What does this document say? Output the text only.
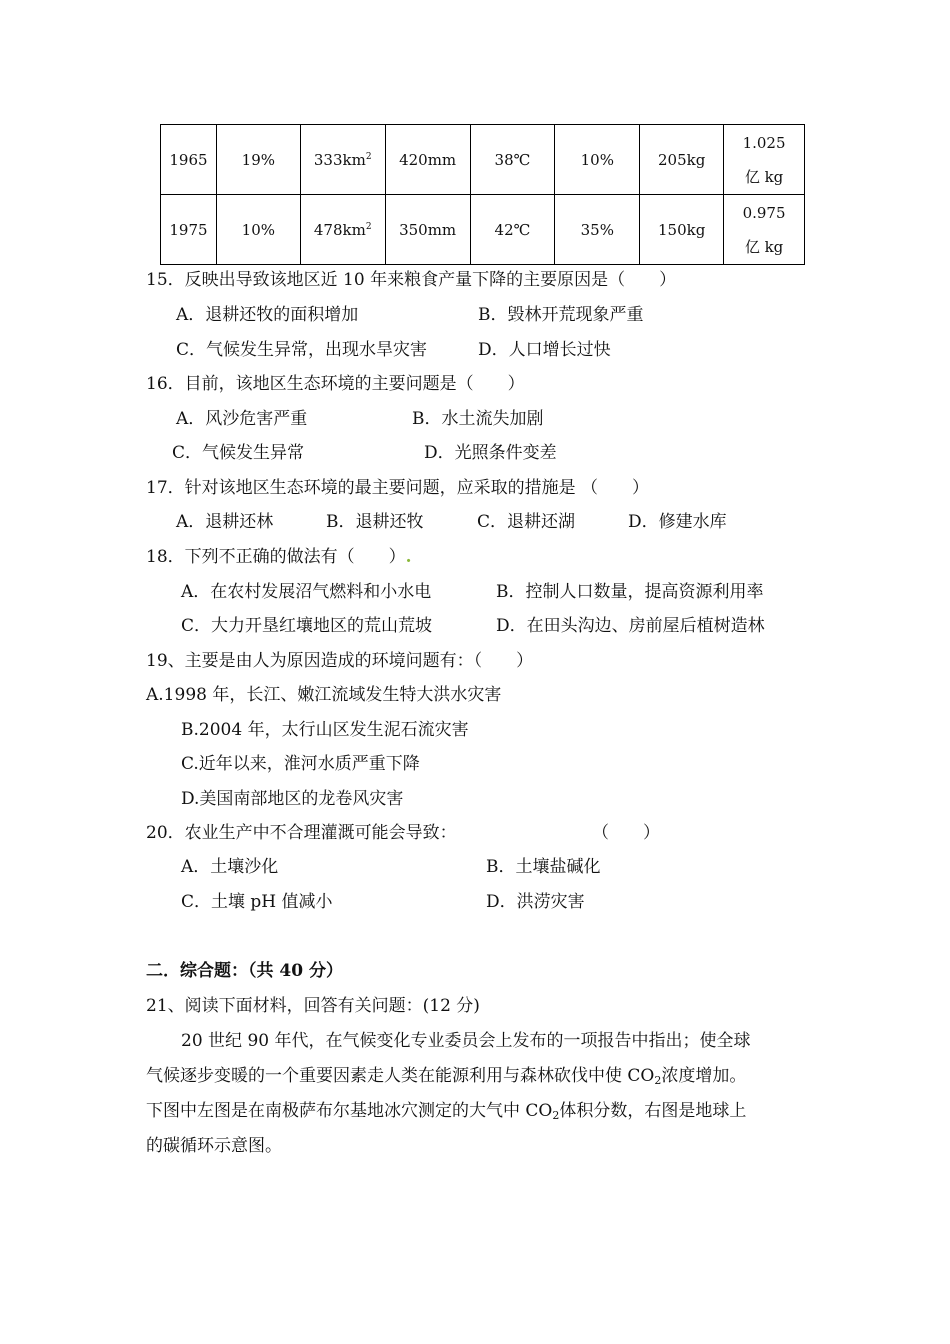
1965	19%	$333km^2$	420mm	38℃	10%	205kg	1.025
亿 kg

1975	10%	$478km^2$	350mm	42℃	35%	150kg	0.975
亿 kg
15．反映出导致该地区近 10 年来粮食产量下降的主要原因是（　　）
A．退耕还牧的面积增加	B．毁林开荒现象严重
C．气候发生异常，出现水旱灾害	D．人口增长过快
16．目前，该地区生态环境的主要问题是（　　）
A．风沙危害严重	B．水土流失加剧
C．气候发生异常	D．光照条件变差
17．针对该地区生态环境的最主要问题，应采取的措施是 （　　）
A．退耕还林	B．退耕还牧	C．退耕还湖	D．修建水库
18．下列不正确的做法有（　　）.
A．在农村发展沼气燃料和小水电	B．控制人口数量，提高资源利用率
C．大力开垦红壤地区的荒山荒坡	D．在田头沟边、房前屋后植树造林
19、主要是由人为原因造成的环境问题有：（　　）
A.1998 年，长江、嫩江流域发生特大洪水灾害
B.2004 年，太行山区发生泥石流灾害
C.近年以来，淮河水质严重下降
D.美国南部地区的龙卷风灾害
20．农业生产中不合理灌溉可能会导致：	（　　）
A．土壤沙化	B．土壤盐碱化
C．土壤 pH 值减小	D．洪涝灾害
二．综合题：（共 40 分）
21、阅读下面材料，回答有关问题：(12 分)
20 世纪 90 年代，在气候变化专业委员会上发布的一项报告中指出；使全球
气候逐步变暖的一个重要因素走人类在能源利用与森林砍伐中使 $CO_2$浓度增加。
下图中左图是在南极萨布尔基地冰穴测定的大气中 $CO_2$体积分数，右图是地球上
的碳循环示意图。
